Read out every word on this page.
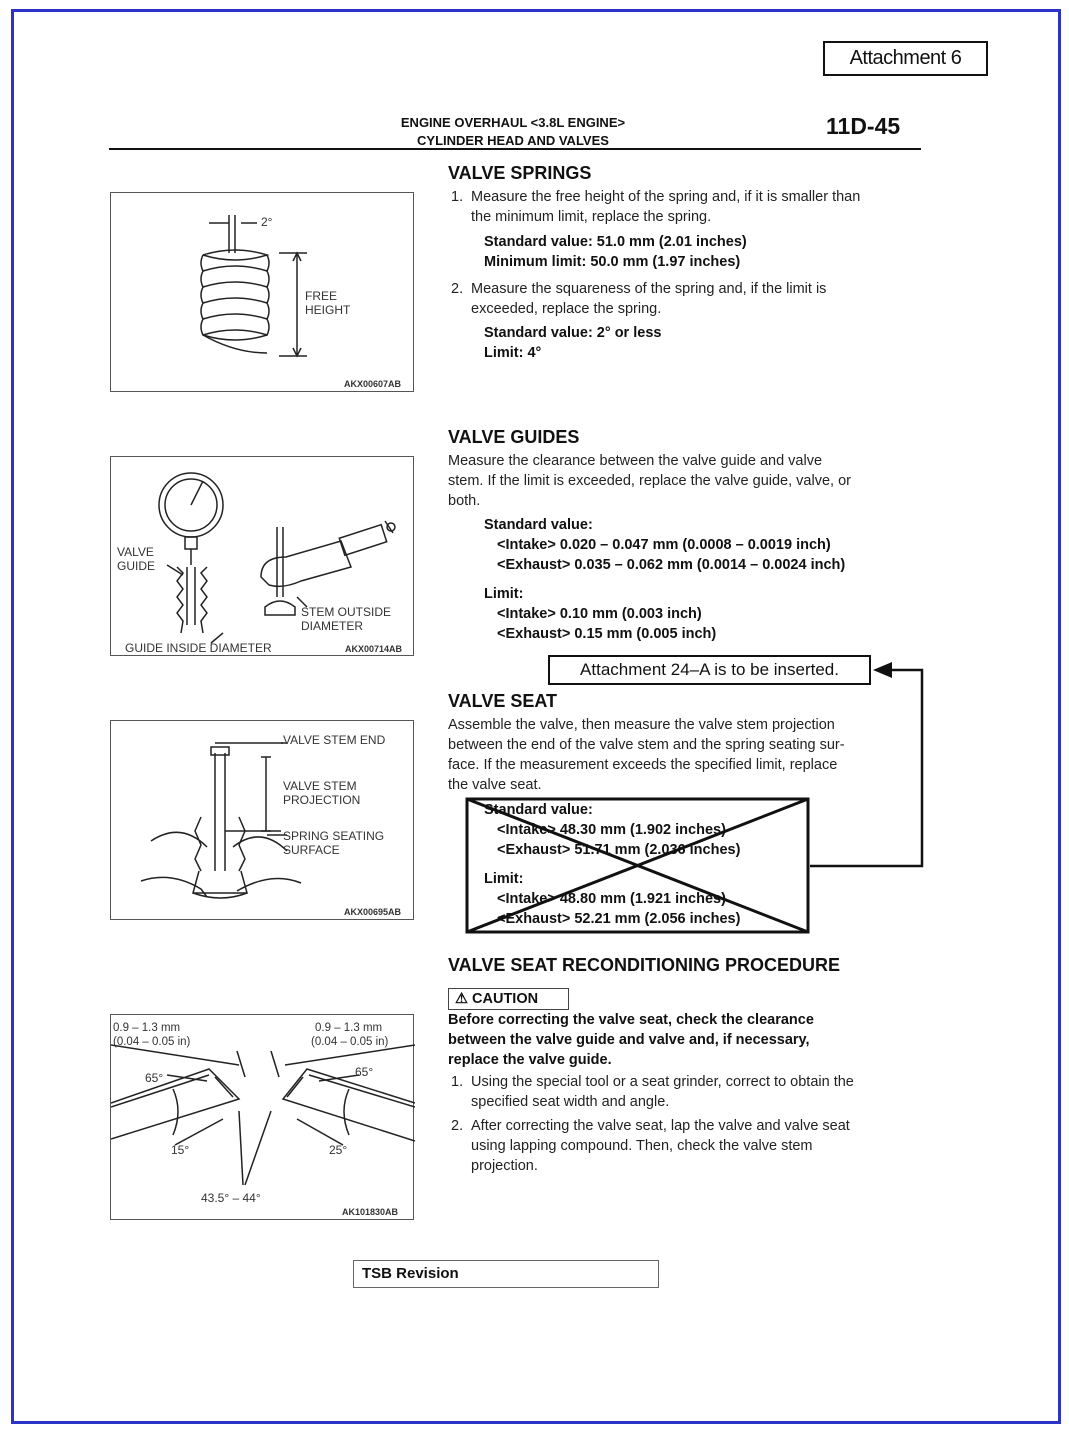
Attachment 6
ENGINE OVERHAUL <3.8L ENGINE>
CYLINDER HEAD AND VALVES
11D-45
2°
FREE
HEIGHT
AKX00607AB
VALVE SPRINGS
1. Measure the free height of the spring and, if it is smaller than
the minimum limit, replace the spring.
Standard value: 51.0 mm (2.01 inches)
Minimum limit: 50.0 mm (1.97 inches)
2. Measure the squareness of the spring and, if the limit is
exceeded, replace the spring.
Standard value: 2° or less
Limit: 4°
VALVE
GUIDE
STEM OUTSIDE
DIAMETER
GUIDE INSIDE DIAMETER	AKX00714AB
VALVE GUIDES
Measure the clearance between the valve guide and valve
stem. If the limit is exceeded, replace the valve guide, valve, or
both.
Standard value:
<Intake> 0.020 – 0.047 mm (0.0008 – 0.0019 inch)
<Exhaust> 0.035 – 0.062 mm (0.0014 – 0.0024 inch)
Limit:
<Intake> 0.10 mm (0.003 inch)
<Exhaust> 0.15 mm (0.005 inch)
Attachment 24–A is to be inserted.
VALVE STEM END
VALVE STEM
PROJECTION
SPRING SEATING
SURFACE
AKX00695AB
VALVE SEAT
Assemble the valve, then measure the valve stem projection
between the end of the valve stem and the spring seating sur-
face. If the measurement exceeds the specified limit, replace
the valve seat.
Standard value:
<Intake> 48.30 mm (1.902 inches)
<Exhaust> 51.71 mm (2.036 inches)
Limit:
<Intake> 48.80 mm (1.921 inches)
<Exhaust> 52.21 mm (2.056 inches)
0.9 – 1.3 mm
(0.04 – 0.05 in)
0.9 – 1.3 mm
(0.04 – 0.05 in)
65°	65°
15°	25°
43.5° – 44°
AK101830AB
VALVE SEAT RECONDITIONING PROCEDURE
⚠ CAUTION
Before correcting the valve seat, check the clearance
between the valve guide and valve and, if necessary,
replace the valve guide.
1. Using the special tool or a seat grinder, correct to obtain the
specified seat width and angle.
2. After correcting the valve seat, lap the valve and valve seat
using lapping compound. Then, check the valve stem
projection.
TSB Revision
